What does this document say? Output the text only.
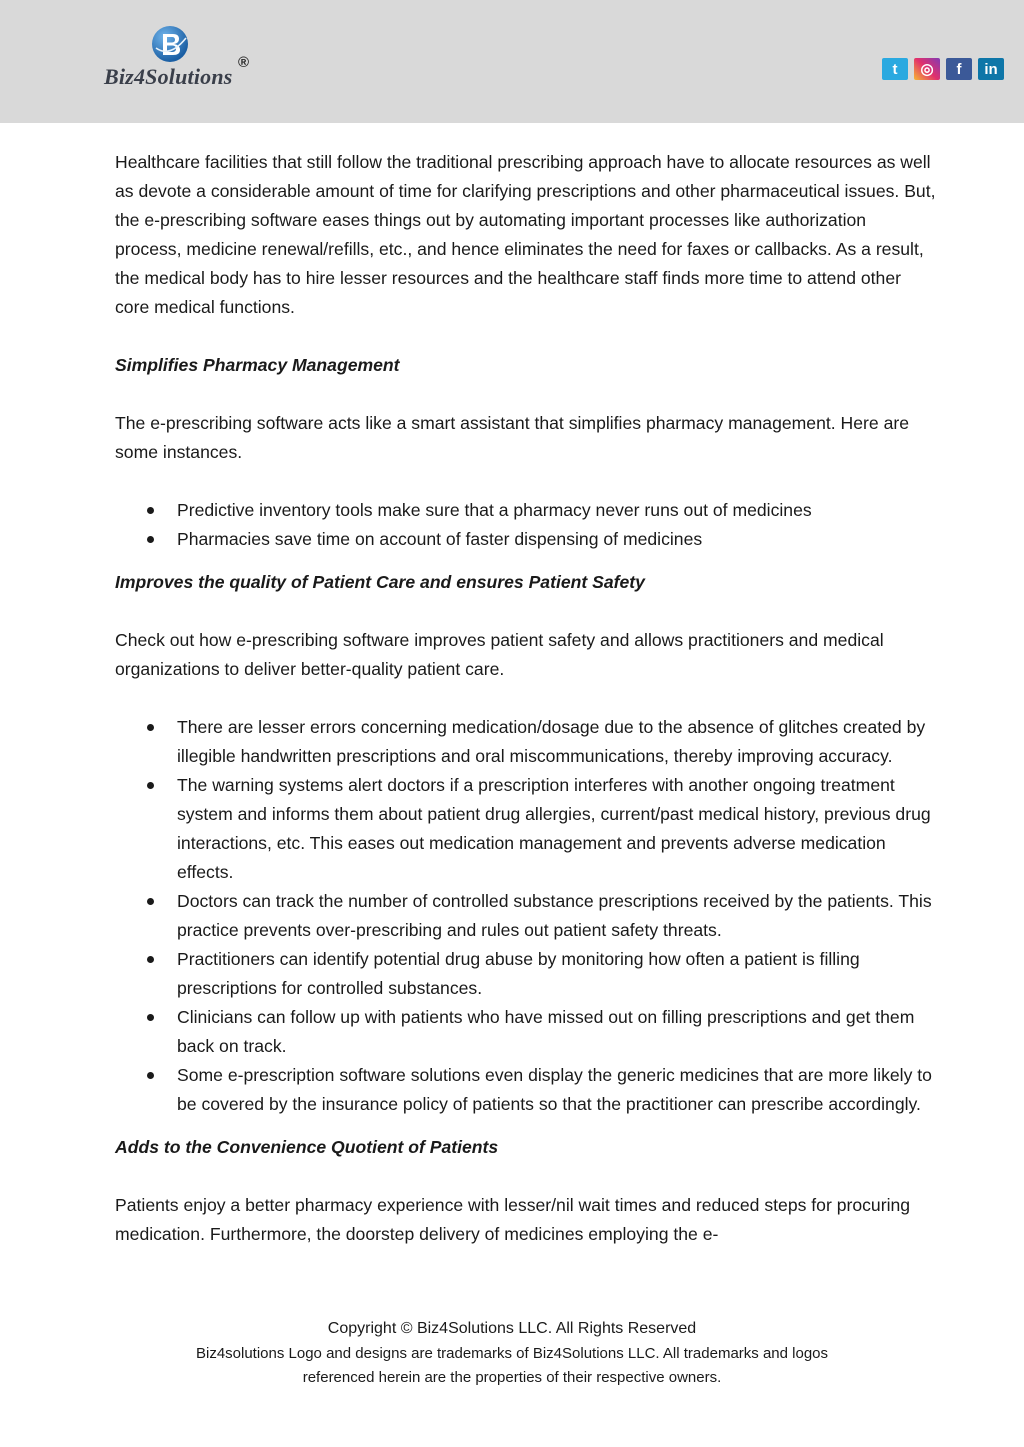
Biz4Solutions
®	t ◎ f in

Healthcare facilities that still follow the traditional prescribing approach have to allocate resources as well as devote a considerable amount of time for clarifying prescriptions and other pharmaceutical issues. But, the e-prescribing software eases things out by automating important processes like authorization process, medicine renewal/refills, etc., and hence eliminates the need for faxes or callbacks. As a result, the medical body has to hire lesser resources and the healthcare staff finds more time to attend other core medical functions.

Simplifies Pharmacy Management

The e-prescribing software acts like a smart assistant that simplifies pharmacy management. Here are some instances.

Predictive inventory tools make sure that a pharmacy never runs out of medicines
Pharmacies save time on account of faster dispensing of medicines

Improves the quality of Patient Care and ensures Patient Safety

Check out how e-prescribing software improves patient safety and allows practitioners and medical organizations to deliver better-quality patient care.

There are lesser errors concerning medication/dosage due to the absence of glitches created by illegible handwritten prescriptions and oral miscommunications, thereby improving accuracy.
The warning systems alert doctors if a prescription interferes with another ongoing treatment system and informs them about patient drug allergies, current/past medical history, previous drug interactions, etc. This eases out medication management and prevents adverse medication effects.
Doctors can track the number of controlled substance prescriptions received by the patients. This practice prevents over-prescribing and rules out patient safety threats.
Practitioners can identify potential drug abuse by monitoring how often a patient is filling prescriptions for controlled substances.
Clinicians can follow up with patients who have missed out on filling prescriptions and get them back on track.
Some e-prescription software solutions even display the generic medicines that are more likely to be covered by the insurance policy of patients so that the practitioner can prescribe accordingly.

Adds to the Convenience Quotient of Patients

Patients enjoy a better pharmacy experience with lesser/nil wait times and reduced steps for procuring medication. Furthermore, the doorstep delivery of medicines employing the e-

Copyright © Biz4Solutions LLC. All Rights Reserved
Biz4solutions Logo and designs are trademarks of Biz4Solutions LLC. All trademarks and logos
referenced herein are the properties of their respective owners.
